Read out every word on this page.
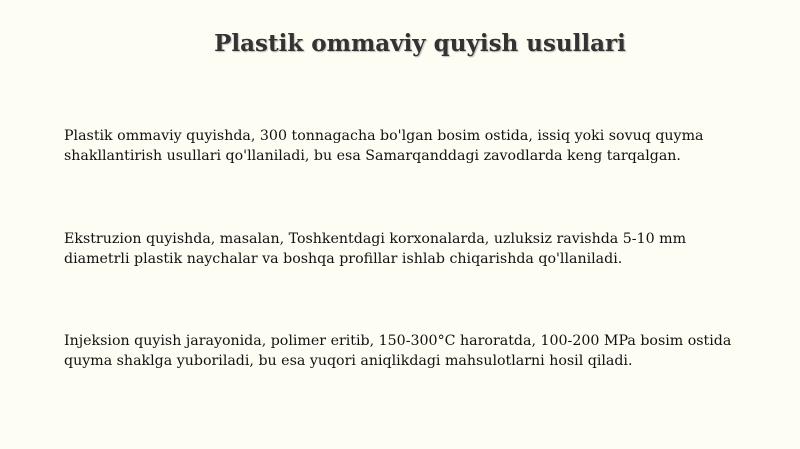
Plastik ommaviy quyish usullari

Plastik ommaviy quyishda, 300 tonnagacha bo'lgan bosim ostida, issiq yoki sovuq quyma
shakllantirish usullari qo'llaniladi, bu esa Samarqanddagi zavodlarda keng tarqalgan.

Ekstruzion quyishda, masalan, Toshkentdagi korxonalarda, uzluksiz ravishda 5-10 mm
diametrli plastik naychalar va boshqa profillar ishlab chiqarishda qo'llaniladi.

Injeksion quyish jarayonida, polimer eritib, 150-300°C haroratda, 100-200 MPa bosim ostida
quyma shaklga yuboriladi, bu esa yuqori aniqlikdagi mahsulotlarni hosil qiladi.
